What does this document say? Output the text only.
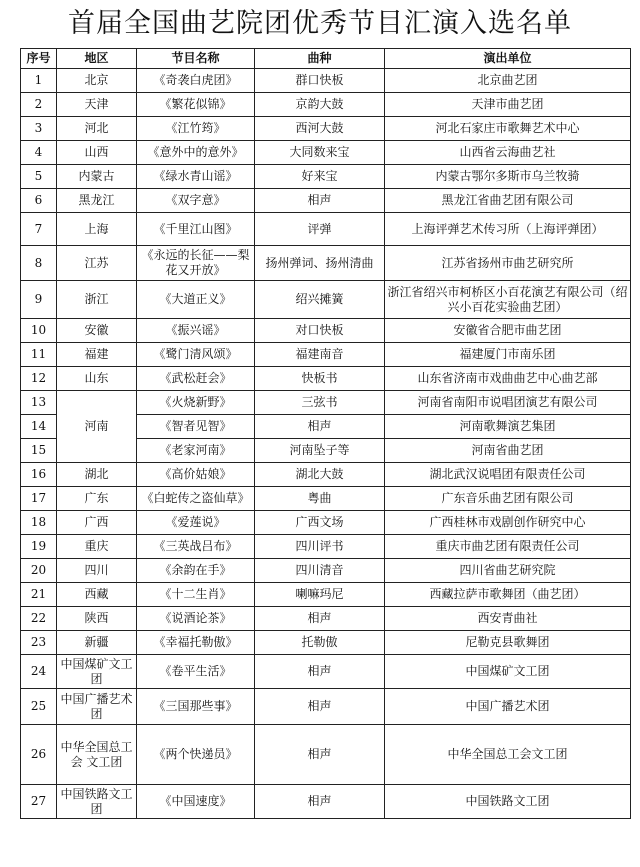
首届全国曲艺院团优秀节目汇演入选名单
序号	地区	节目名称	曲种	演出单位
1	北京	《奇袭白虎团》	群口快板	北京曲艺团
2	天津	《繁花似锦》	京韵大鼓	天津市曲艺团
3	河北	《江竹筠》	西河大鼓	河北石家庄市歌舞艺术中心
4	山西	《意外中的意外》	大同数来宝	山西省云海曲艺社
5	内蒙古	《绿水青山谣》	好来宝	内蒙古鄂尔多斯市乌兰牧骑
6	黑龙江	《双字意》	相声	黑龙江省曲艺团有限公司
7	上海	《千里江山图》	评弹	上海评弹艺术传习所（上海评弹团）
8	江苏	《永远的长征——梨花又开放》	扬州弹词、扬州清曲	江苏省扬州市曲艺研究所
9	浙江	《大道正义》	绍兴摊簧	浙江省绍兴市柯桥区小百花演艺有限公司（绍兴小百花实验曲艺团）
10	安徽	《振兴谣》	对口快板	安徽省合肥市曲艺团
11	福建	《鹭门清风颂》	福建南音	福建厦门市南乐团
12	山东	《武松赶会》	快板书	山东省济南市戏曲曲艺中心曲艺部
13	河南	《火烧新野》	三弦书	河南省南阳市说唱团演艺有限公司
14		《智者见智》	相声	河南歌舞演艺集团
15		《老家河南》	河南坠子等	河南省曲艺团
16	湖北	《高价姑娘》	湖北大鼓	湖北武汉说唱团有限责任公司
17	广东	《白蛇传之盗仙草》	粤曲	广东音乐曲艺团有限公司
18	广西	《爱莲说》	广西文场	广西桂林市戏剧创作研究中心
19	重庆	《三英战吕布》	四川评书	重庆市曲艺团有限责任公司
20	四川	《余韵在手》	四川清音	四川省曲艺研究院
21	西藏	《十二生肖》	喇嘛玛尼	西藏拉萨市歌舞团（曲艺团）
22	陕西	《说酒论茶》	相声	西安青曲社
23	新疆	《幸福托勒傲》	托勒傲	尼勒克县歌舞团
24	中国煤矿文工团	《卷平生活》	相声	中国煤矿文工团
25	中国广播艺术团	《三国那些事》	相声	中国广播艺术团
26	中华全国总工会 文工团	《两个快递员》	相声	中华全国总工会文工团
27	中国铁路文工团	《中国速度》	相声	中国铁路文工团
